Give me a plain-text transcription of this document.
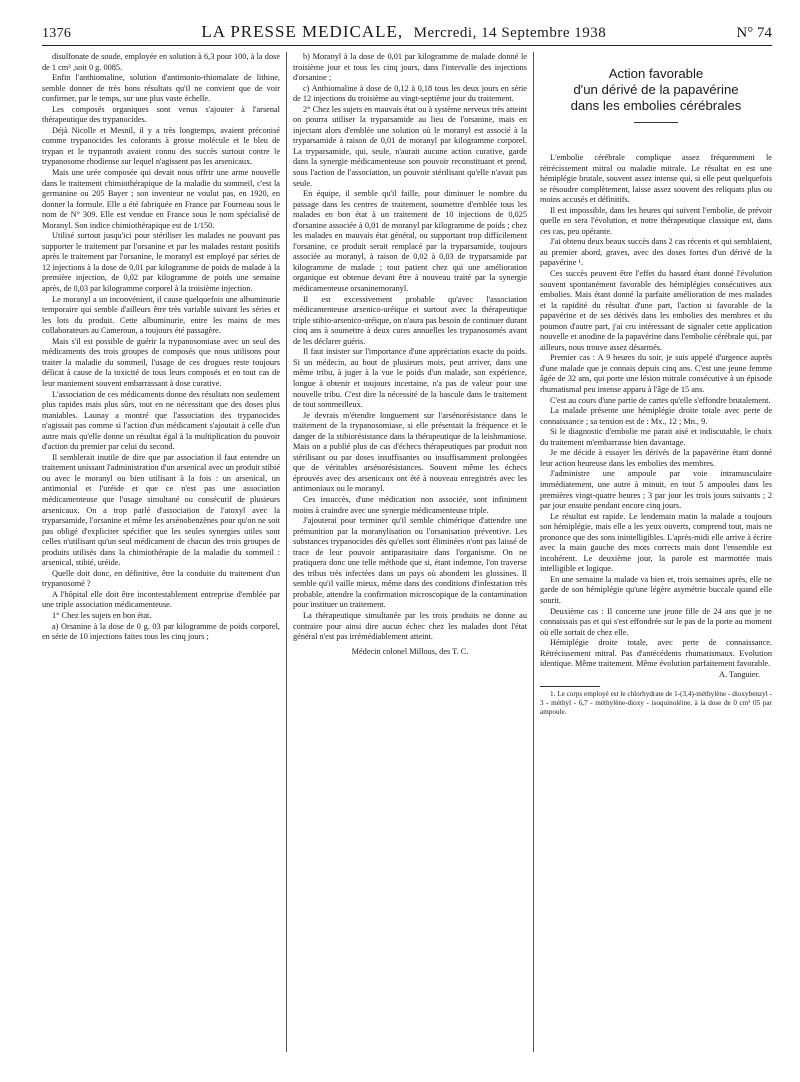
1376	LA PRESSE MEDICALE, Mercredi, 14 Septembre 1938	N° 74

disulfonate de soude, employée en solution à 6,3 pour 100, à la dose de 1 cm³ ,soit 0 g. 0085.

Enfin l'anthiomaline, solution d'antimonio-thiomalate de lithine, semble donner de très bons résultats qu'il ne convient que de voir confirmer, par le temps, sur une plus vaste échelle.

Les composés organiques sont venus s'ajouter à l'arsenal thérapeutique des trypanocides.

Déjà Nicolle et Mesnil, il y a très longtemps, avaient préconisé comme trypanocides les colorants à grosse molécule et le bleu de trypan et le trypanroth avaient connu des succès surtout contre le trypanosome rhodiense sur lequel n'agissent pas les arsenicaux.

Mais une urée composée qui devait nous offrir une arme nouvelle dans le traitement chimiothérapique de la maladie du sommeil, c'est la germanine ou 205 Bayer ; son inventeur ne voulut pas, en 1920, en donner la formule. Elle a été fabriquée en France par Fourneau sous le nom de N° 309. Elle est vendue en France sous le nom spécialisé de Moranyl. Son indice chimiothérapique est de 1/150.

Utilisé surtout jusqu'ici pour stériliser les malades ne pouvant pas supporter le traitement par l'orsanine et par les malades restant positifs après le traitement par l'orsanine, le moranyl est employé par séries de 12 injections à la dose de 0,01 par kilogramme de poids de malade à la première injection, de 0,02 par kilogramme de poids une semaine après, de 0,03 par kilogramme corporel à la troisième injection.

Le moranyl a un inconvénient, il cause quelquefois une albuminurie temporaire qui semble d'ailleurs être très variable suivant les séries et les lots du produit. Cette albuminurie, entre les mains de mes collaborateurs au Cameroun, a toujours été passagère.

Mais s'il est possible de guérir la trypanosomiase avec un seul des médicaments des trois groupes de composés que nous utilisons pour traiter la maladie du sommeil, l'usage de ces drogues reste toujours délicat à cause de la toxicité de tous leurs composés et en tout cas de leur maniement souvent embarrassant à dose curative.

L'association de ces médicaments donne des résultats non seulement plus rapides mais plus sûrs, tout en ne nécessitant que des doses plus maniables. Launay a montré que l'association des trypanocides n'agissait pas comme si l'action d'un médicament s'ajoutait à celle d'un autre mais qu'elle donne un résultat égal à la multiplication du pouvoir d'action du premier par celui du second.

Il semblerait inutile de dire que par association il faut entendre un traitement unissant l'administration d'un arsenical avec un produit stibié ou avec le moranyl ou bien utilisant à la fois : un arsenical, un antimonial et l'uréide et que ce n'est pas une association médicamenteuse que l'usage simultané ou consécutif de plusieurs arsenicaux. On a trop parlé d'association de l'atoxyl avec la tryparsamide, l'orsanine et même les arsénobenzènes pour qu'on ne soit pas obligé d'expliciter spécifier que les seules synergies utiles sont celles n'utilisant qu'un seul médicament de chacun des trois groupes de produits utilisés dans la chimiothérapie de la maladie du sommeil : arsenical, stibié, uréide.

Quelle doit donc, en définitive, être la conduite du traitement d'un trypanosomé ?

A l'hôpital elle doit être incontestablement entreprise d'emblée par une triple association médicamenteuse.

1° Chez les sujets en bon état.

a) Orsanine à la dose de 0 g. 03 par kilogramme de poids corporel, en série de 10 injections faites tous les cinq jours ;

b) Moranyl à la dose de 0,01 par kilogramme de malade donné le troisième jour et tous les cinq jours, dans l'intervalle des injections d'orsanine ;

c) Anthiomaline à dose de 0,12 à 0,18 tous les deux jours en série de 12 injections du troisième au vingt-septième jour du traitement.

2° Chez les sujets en mauvais état ou à système nerveux très atteint on pourra utiliser la tryparsamide au lieu de l'orsanine, mais en injectant alors d'emblée une solution où le moranyl est associé à la tryparsamide à raison de 0,01 de moranyl par kilogramme corporel. La tryparsamide, qui, seule, n'aurait aucune action curative, garde dans la synergie médicamenteuse son pouvoir reconstituant et prend, sous l'action de l'association, un pouvoir stérilisant qu'elle n'avait pas seule.

En équipe, il semble qu'il faille, pour diminuer le nombre du passage dans les centres de traitement, soumettre d'emblée tous les malades en bon état à un traitement de 10 injections de 0,025 d'orsanine associée à 0,01 de moranyl par kilogramme de poids ; chez les malades en mauvais état général, ou supportant trop difficilement l'orsanine, ce produit serait remplacé par la tryparsamide, toujours associée au moranyl, à raison de 0,02 à 0,03 de tryparsamide par kilogramme de malade ; tout patient chez qui une amélioration organique est obtenue devant être à nouveau traité par la synergie médicamenteuse orsaninemoranyl.

Il est excessivement probable qu'avec l'association médicamenteuse arsenico-uréique et surtout avec la thérapeutique triple stibio-arsenico-uréique, on n'aura pas besoin de continuer durant cinq ans à soumettre à deux cures annuelles les trypanosomés avant de les déclarer guéris.

Il faut insister sur l'importance d'une appréciation exacte du poids. Si un médecin, au bout de plusieurs mois, peut arriver, dans une même tribu, à juger à la vue le poids d'un malade, son expérience, longue à obtenir et toujours incertaine, n'a pas de valeur pour une nouvelle tribu. C'est dire la nécessité de la bascule dans le traitement de tout sommeilleux.

Je devrais m'étendre longuement sur l'arsénorésistance dans le traitement de la trypanosomiase, si elle présentait la fréquence et le danger de la stibiorésistance dans la thérapeutique de la leishmaniose. Mais on a publié plus de cas d'échecs thérapeutiques par produit non stérilisant ou par doses insuffisantes ou insuffisamment prolongées que de véritables arsénorésistances. Souvent même les échecs éprouvés avec des arsenicaux ont été à nouveau enregistrés avec les antimoniaux ou le moranyl.

Ces insuccès, d'une médication non associée, sont infiniment moins à craindre avec une synergie médicamenteuse triple.

J'ajouterai pour terminer qu'il semble chimérique d'attendre une prémunition par la moranylisation ou l'orsanisation préventive. Les substances trypanocides dès qu'elles sont éliminées n'ont pas laissé de trace de leur pouvoir antiparasitaire dans l'organisme. On ne pratiquera donc une telle méthode que si, étant indemne, l'on traverse des tribus très infectées dans un pays où abondent les glossines. Il semble qu'il vaille mieux, même dans des conditions d'infestation très probable, attendre la confirmation microscopique de la contamination pour instituer un traitement.

La thérapeutique simultanée par les trois produits ne donne au contraire pour ainsi dire aucun échec chez les malades dont l'état général n'est pas irrémédiablement atteint.

Médecin colonel Millous, des T. C.

Action favorable
d'un dérivé de la papavérine
dans les embolies cérébrales

L'embolie cérébrale complique assez fréquemment le rétrécissement mitral ou maladie mitrale. Le résultat en est une hémiplégie brutale, souvent assez intense qui, si elle peut quelquefois se résoudre complètement, laisse assez souvent des reliquats plus ou moins accusés et définitifs.

Il est impossible, dans les heures qui suivent l'embolie, de prévoir quelle en sera l'évolution, et notre thérapeutique classique est, dans ces cas, peu opérante.

J'ai obtenu deux beaux succès dans 2 cas récents et qui semblaient, au premier abord, graves, avec des doses fortes d'un dérivé de la papavérine ¹.

Ces succès peuvent être l'effet du hasard étant donné l'évolution souvent spontanément favorable des hémiplégies consécutives aux embolies. Mais étant donné la parfaite amélioration de mes malades et la rapidité du résultat d'une part, l'action si favorable de la papavérine et de ses dérivés dans les embolies des membres et du poumon d'autre part, j'ai cru intéressant de signaler cette application nouvelle et anodine de la papavérine dans l'embolie cérébrale qui, par ailleurs, nous trouve assez désarmés.

Premier cas : A 9 heures du soir, je suis appelé d'urgence auprès d'une malade que je connais depuis cinq ans. C'est une jeune femme âgée de 32 ans, qui porte une lésion mitrale consécutive à un épisode rhumatismal peu intense apparu à l'âge de 15 ans.

C'est au cours d'une partie de cartes qu'elle s'effondre brutalement.

La malade présente une hémiplégie droite totale avec perte de connaissance ; sa tension est de : Mx., 12 ; Mn., 9.

Si le diagnostic d'embolie me parait aisé et indiscutable, le choix du traitement m'embarrasse bien davantage.

Je me décide à essayer les dérivés de la papavérine étant donné leur action heureuse dans les embolies des membres.

J'administre une ampoule par voie intramusculaire immédiatement, une autre à minuit, en tout 5 ampoules dans les premières vingt-quatre heures ; 3 par jour les trois jours suivants ; 2 par jour ensuite pendant encore cinq jours.

Le résultat est rapide. Le lendemain matin la malade a toujours son hémiplégie, mais elle a les yeux ouverts, comprend tout, mais ne prononce que des sons inintelligibles. L'après-midi elle arrive à écrire avec la main gauche des mots corrects mais dont l'ensemble est incohérent. Le deuxième jour, la parole est marmottée mais intelligible et logique.

En une semaine la malade va bien et, trois semaines après, elle ne garde de son hémiplégie qu'une légère asymétrie buccale quand elle sourit.

Deuxième cas : Il concerne une jeune fille de 24 ans que je ne connaissais pas et qui s'est effondrée sur le pas de la porte au moment où elle sortait de chez elle.

Hémiplégie droite totale, avec perte de connaissance. Rétrécissement mitral. Pas d'antécédents rhumatismaux. Evolution identique. Même traitement. Même évolution parfaitement favorable.

A. Tanguier.

1. Le corps employé est le chlorhydrate de 1-(3,4)-méthylène - dioxybenzyl - 3 - méthyl - 6,7 - méthylène-dioxy - isoquinoléine, à la dose de 0 cm³ 05 par ampoule.
